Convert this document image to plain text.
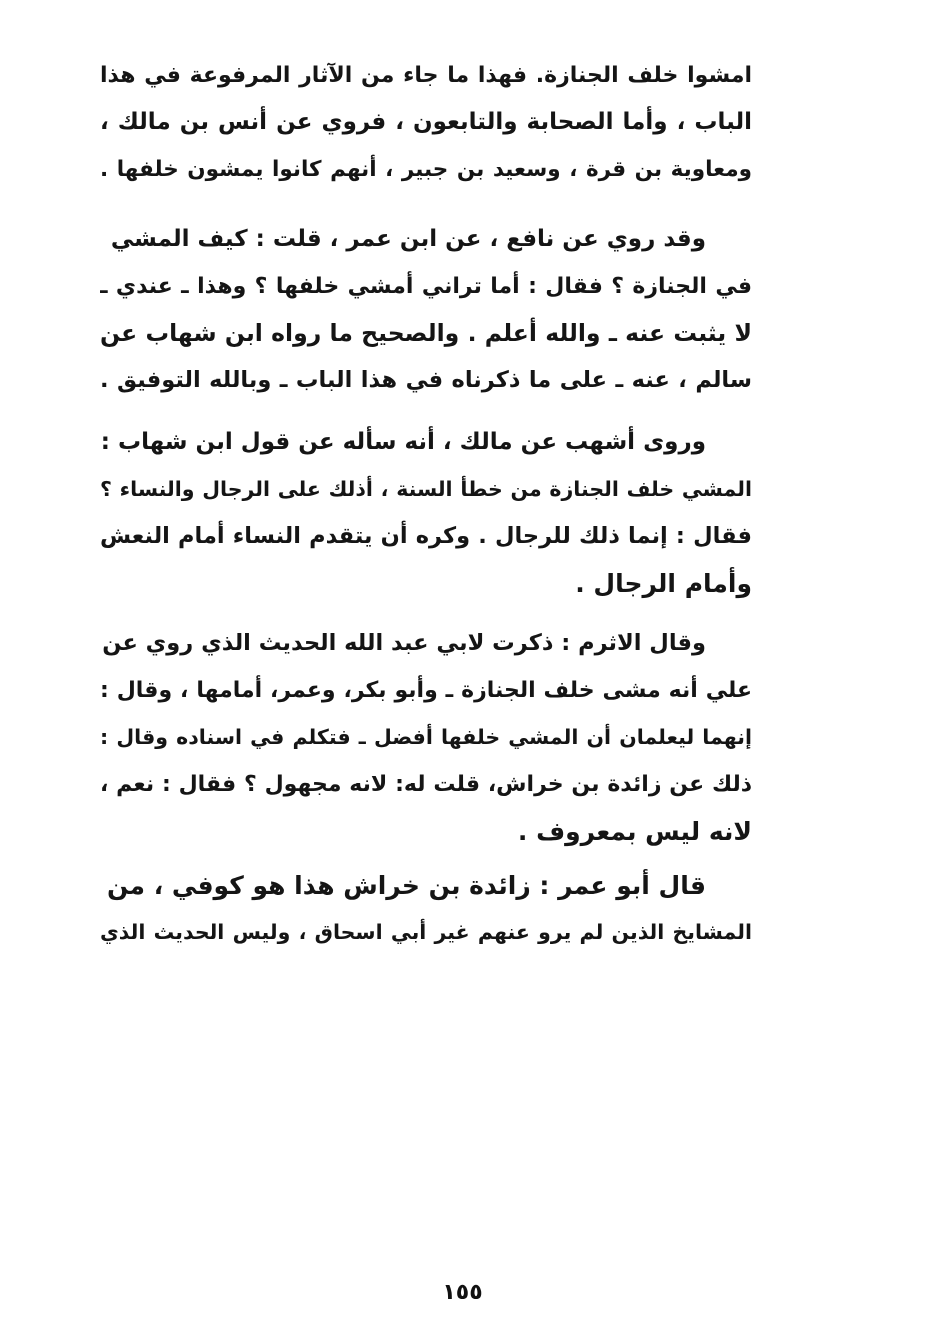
امشوا خلف الجنازة. فهذا ما جاء من الآثار المرفوعة في هذا
الباب ، وأما الصحابة والتابعون ، فروي عن أنس بن مالك ،
ومعاوية بن قرة ، وسعيد بن جبير ، أنهم كانوا يمشون خلفها .
وقد روي عن نافع ، عن ابن عمر ، قلت : كيف المشي
في الجنازة ؟ فقال : أما تراني أمشي خلفها ؟ وهذا ـ عندي ـ
لا يثبت عنه ـ والله أعلم . والصحيح ما رواه ابن شهاب عن
سالم ، عنه ـ على ما ذكرناه في هذا الباب ـ وبالله التوفيق .
وروى أشهب عن مالك ، أنه سأله عن قول ابن شهاب :
المشي خلف الجنازة من خطأ السنة ، أذلك على الرجال والنساء ؟
فقال : إنما ذلك للرجال . وكره أن يتقدم النساء أمام النعش
وأمام الرجال .
وقال الاثرم : ذكرت لابي عبد الله الحديث الذي روي عن
علي أنه مشى خلف الجنازة ـ وأبو بكر، وعمر، أمامها ، وقال :
إنهما ليعلمان أن المشي خلفها أفضل ـ فتكلم في اسناده وقال :
ذلك عن زائدة بن خراش، قلت له: لانه مجهول ؟ فقال : نعم ،
لانه ليس بمعروف .
قال أبو عمر : زائدة بن خراش هذا هو كوفي ، من
المشايخ الذين لم يرو عنهم غير أبي اسحاق ، وليس الحديث الذي
١٥٥
